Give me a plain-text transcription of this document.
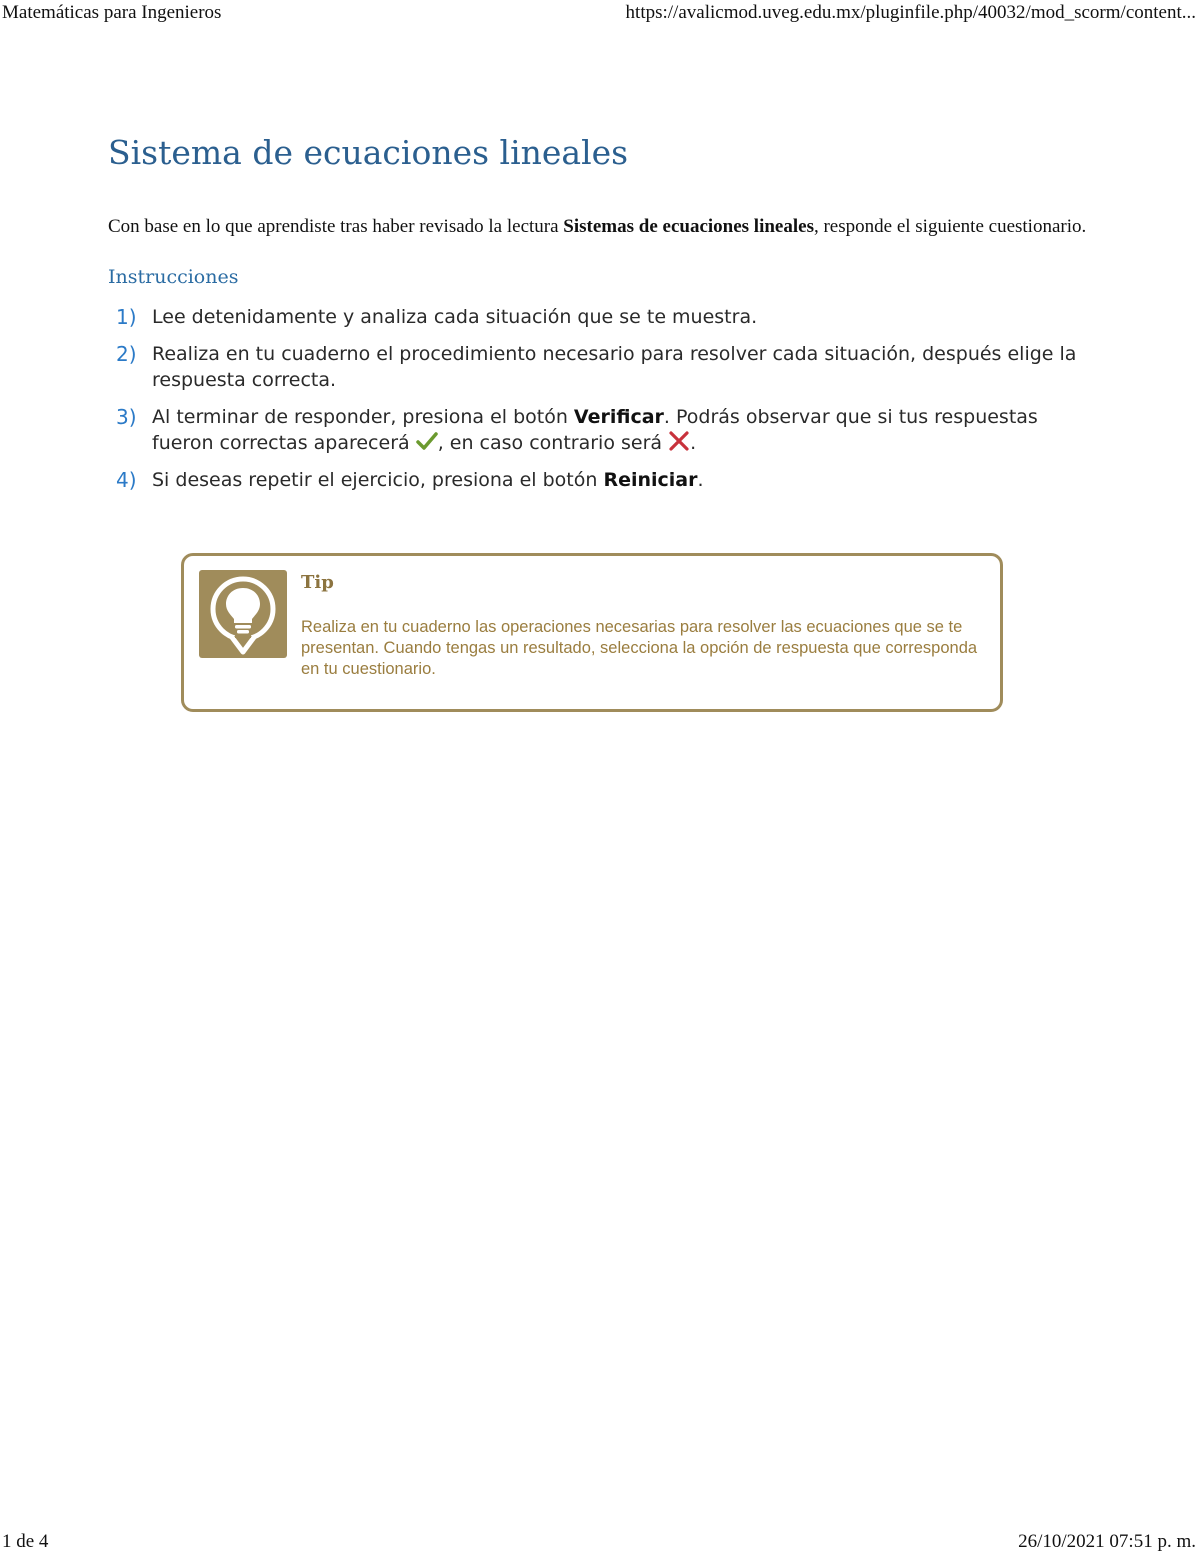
Matemáticas para Ingenieros	https://avalicmod.uveg.edu.mx/pluginfile.php/40032/mod_scorm/content...
Sistema de ecuaciones lineales

Con base en lo que aprendiste tras haber revisado la lectura Sistemas de ecuaciones lineales, responde el siguiente cuestionario.

Instrucciones
1) Lee detenidamente y analiza cada situación que se te muestra.
2) Realiza en tu cuaderno el procedimiento necesario para resolver cada situación, después elige la respuesta correcta.
3) Al terminar de responder, presiona el botón Verificar. Podrás observar que si tus respuestas fueron correctas aparecerá , en caso contrario será .
4) Si deseas repetir el ejercicio, presiona el botón Reiniciar.
Tip
Realiza en tu cuaderno las operaciones necesarias para resolver las ecuaciones que se te presentan. Cuando tengas un resultado, selecciona la opción de respuesta que corresponda en tu cuestionario.
1 de 4	26/10/2021 07:51 p. m.
